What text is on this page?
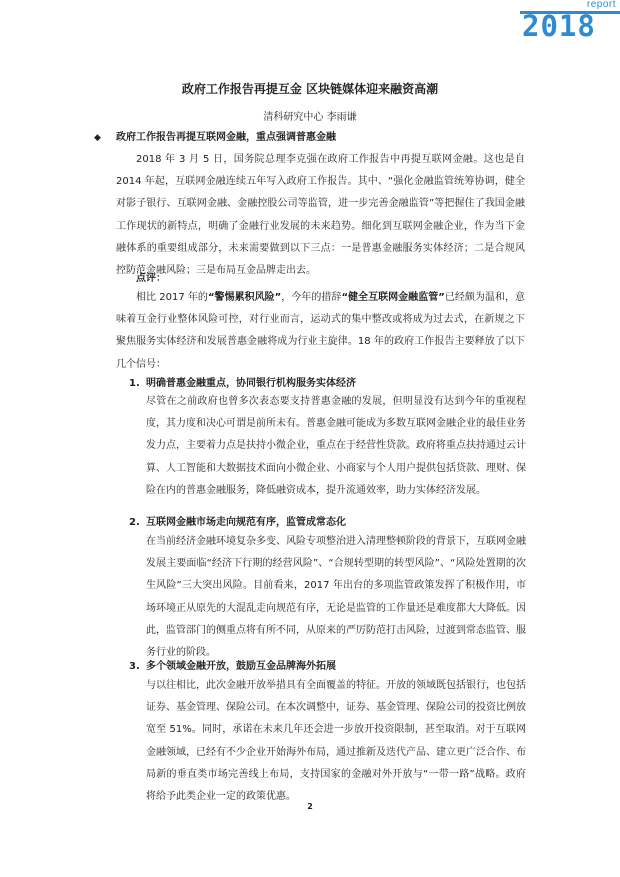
report
2018
政府工作报告再提互金 区块链媒体迎来融资高潮
清科研究中心 李雨谦
◆ 政府工作报告再提互联网金融，重点强调普惠金融

2018 年 3 月 5 日，国务院总理李克强在政府工作报告中再提互联网金融。这也是自 2014 年起，互联网金融连续五年写入政府工作报告。其中、“强化金融监管统筹协调，健全对影子银行、互联网金融、金融控股公司等监管，进一步完善金融监管”等把握住了我国金融工作现状的新特点，明确了金融行业发展的未来趋势。细化到互联网金融企业，作为当下金融体系的重要组成部分，未来需要做到以下三点：一是普惠金融服务实体经济；二是合规风控防范金融风险；三是布局互金品牌走出去。

点评：

相比 2017 年的“警惕累积风险”，今年的措辞“健全互联网金融监管”已经颇为温和，意味着互金行业整体风险可控，对行业而言，运动式的集中整改或将成为过去式，在新规之下聚焦服务实体经济和发展普惠金融将成为行业主旋律。18 年的政府工作报告主要释放了以下几个信号：

1. 明确普惠金融重点，协同银行机构服务实体经济

尽管在之前政府也曾多次表态要支持普惠金融的发展，但明显没有达到今年的重视程度，其力度和决心可谓是前所未有。普惠金融可能成为多数互联网金融企业的最佳业务发力点，主要着力点是扶持小微企业，重点在于经营性贷款。政府将重点扶持通过云计算、人工智能和大数据技术面向小微企业、小商家与个人用户提供包括贷款、理财、保险在内的普惠金融服务，降低融资成本，提升流通效率，助力实体经济发展。

2. 互联网金融市场走向规范有序，监管成常态化

在当前经济金融环境复杂多变、风险专项整治进入清理整顿阶段的背景下，互联网金融发展主要面临“经济下行期的经营风险”、“合规转型期的转型风险”、“风险处置期的次生风险”三大突出风险。目前看来，2017 年出台的多项监管政策发挥了积极作用，市场环境正从原先的大混乱走向规范有序，无论是监管的工作量还是难度都大大降低。因此，监管部门的侧重点将有所不同，从原来的严厉防范打击风险，过渡到常态监管、服务行业的阶段。

3. 多个领域金融开放，鼓励互金品牌海外拓展

与以往相比，此次金融开放举措具有全面覆盖的特征。开放的领域既包括银行，也包括证券、基金管理、保险公司。在本次调整中，证券、基金管理、保险公司的投资比例放宽至 51%。同时，承诺在未来几年还会进一步放开投资限制，甚至取消。对于互联网金融领域，已经有不少企业开始海外布局，通过推新及迭代产品、建立更广泛合作、布局新的垂直类市场完善线上布局，支持国家的金融对外开放与“一带一路”战略。政府将给予此类企业一定的政策优惠。

2
